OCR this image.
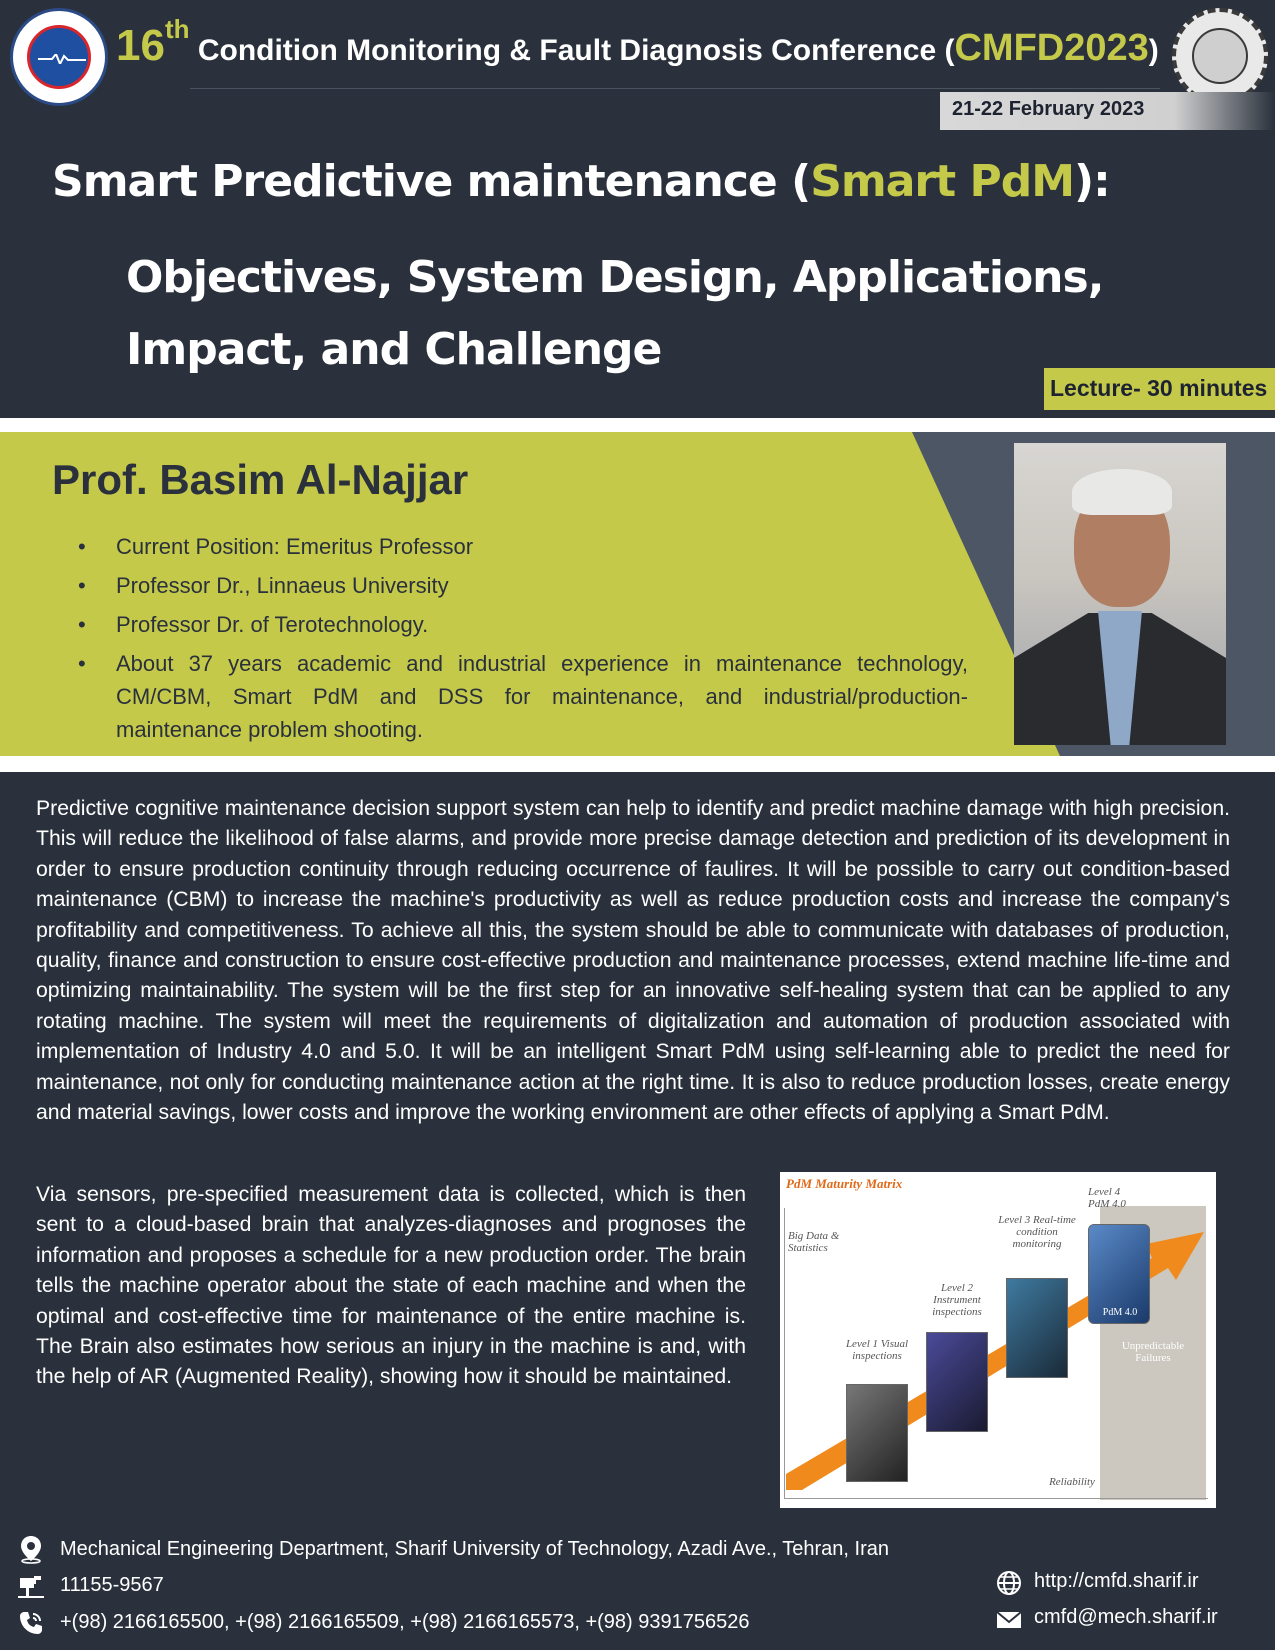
16th Condition Monitoring & Fault Diagnosis Conference (CMFD2023)
21-22 February 2023
Smart Predictive maintenance (Smart PdM):
Objectives, System Design, Applications, Impact, and Challenge
Lecture- 30 minutes
Prof. Basim Al-Najjar
• Current Position: Emeritus Professor
• Professor Dr., Linnaeus University
• Professor Dr. of Terotechnology.
• About 37 years academic and industrial experience in maintenance technology, CM/CBM, Smart PdM and DSS for maintenance, and industrial/production-maintenance problem shooting.

Predictive cognitive maintenance decision support system can help to identify and predict machine damage with high precision. This will reduce the likelihood of false alarms, and provide more precise damage detection and prediction of its development in order to ensure production continuity through reducing occurrence of faulires. It will be possible to carry out condition-based maintenance (CBM) to increase the machine's productivity as well as reduce production costs and increase the company's profitability and competitiveness. To achieve all this, the system should be able to communicate with databases of production, quality, finance and construction to ensure cost-effective production and maintenance processes, extend machine life-time and optimizing maintainability. The system will be the first step for an innovative self-healing system that can be applied to any rotating machine. The system will meet the requirements of digitalization and automation of production associated with implementation of Industry 4.0 and 5.0. It will be an intelligent Smart PdM using self-learning able to predict the need for maintenance, not only for conducting maintenance action at the right time. It is also to reduce production losses, create energy and material savings, lower costs and improve the working environment are other effects of applying a Smart PdM.

Via sensors, pre-specified measurement data is collected, which is then sent to a cloud-based brain that analyzes-diagnoses and prognoses the information and proposes a schedule for a new production order. The brain tells the machine operator about the state of each machine and when the optimal and cost-effective time for maintenance of the entire machine is. The Brain also estimates how serious an injury in the machine is and, with the help of AR (Augmented Reality), showing how it should be maintained.

PdM Maturity Matrix
Big Data & Statistics
Reliability
PdM 4.0
Level 1 Visual inspections
Level 2 Instrument inspections
Level 3 Real-time condition monitoring
Level 4 PdM 4.0
Unpredictable Failures
Mechanical Engineering Department, Sharif University of Technology, Azadi Ave., Tehran, Iran
11155-9567
+(98) 2166165500, +(98) 2166165509, +(98) 2166165573, +(98) 9391756526
http://cmfd.sharif.ir
cmfd@mech.sharif.ir
